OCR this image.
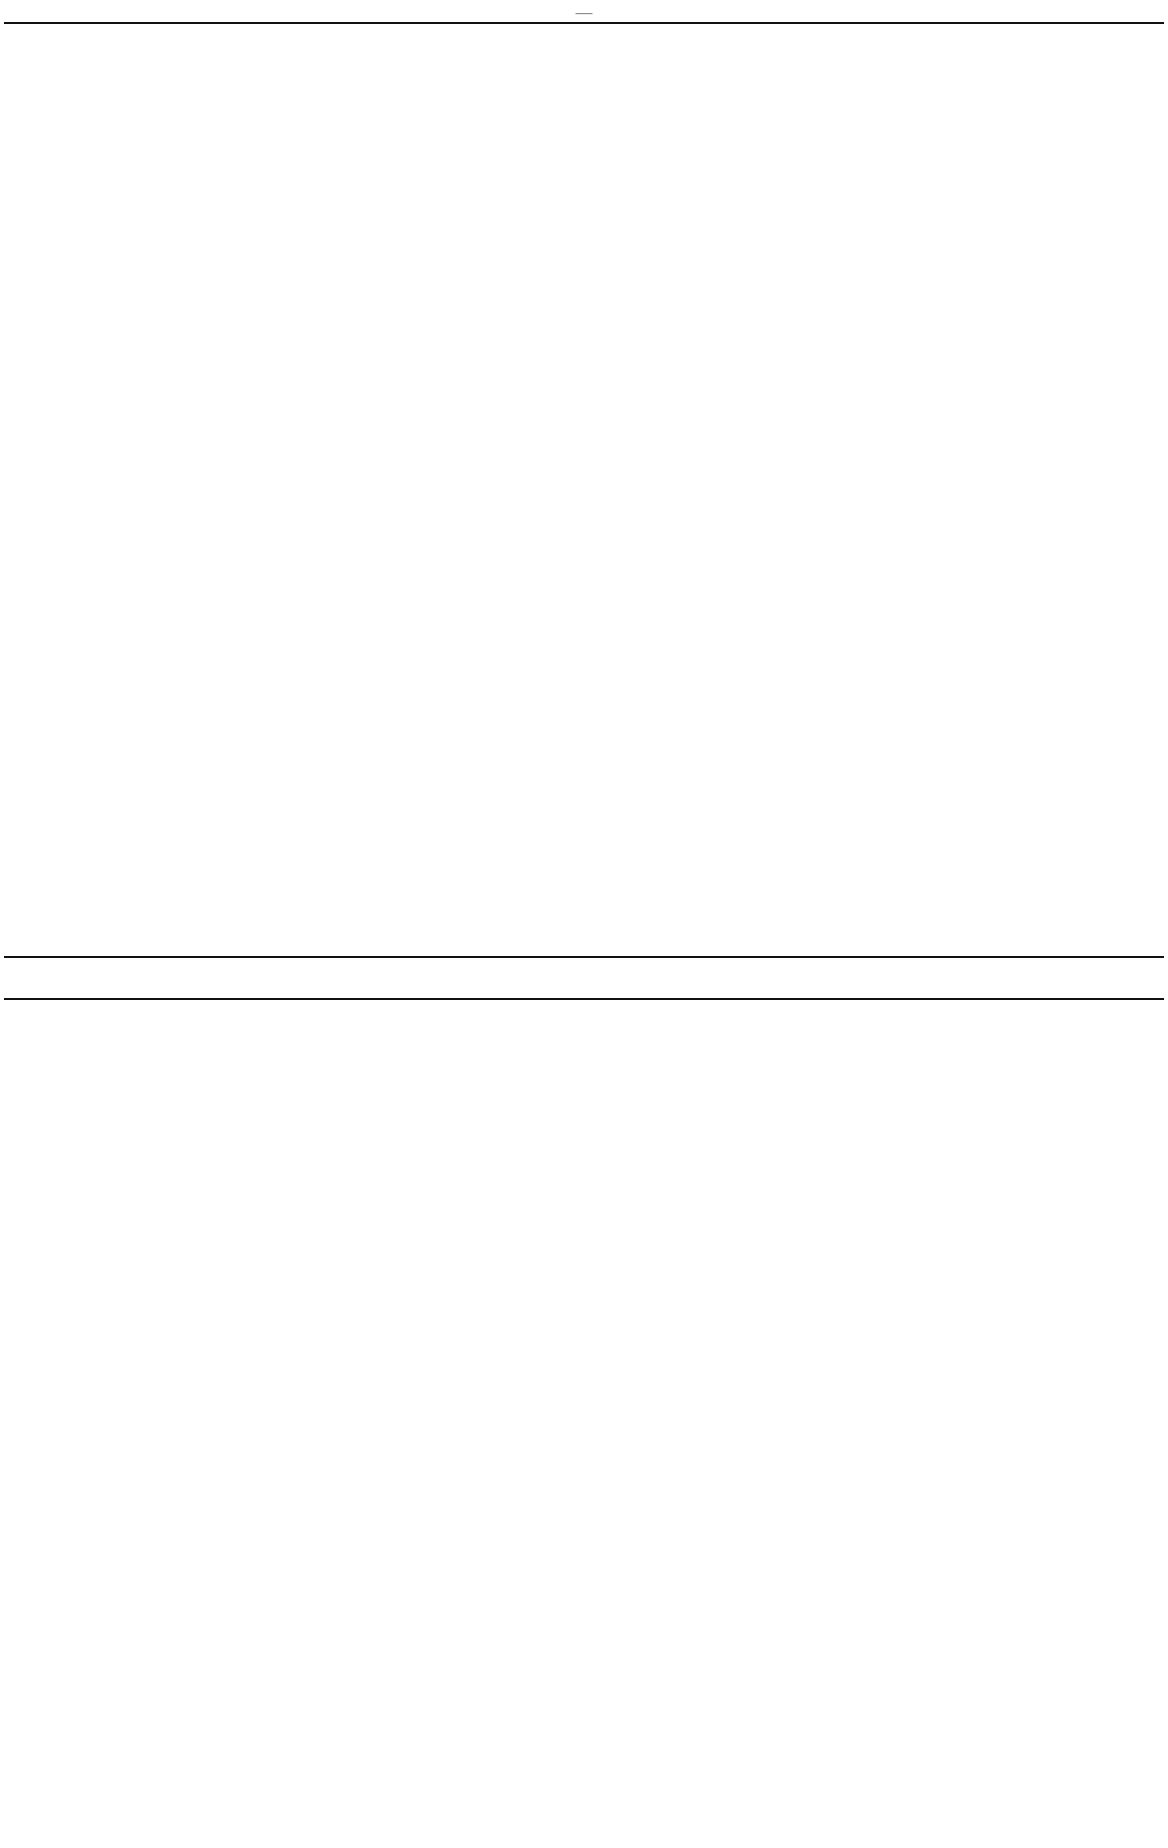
——
